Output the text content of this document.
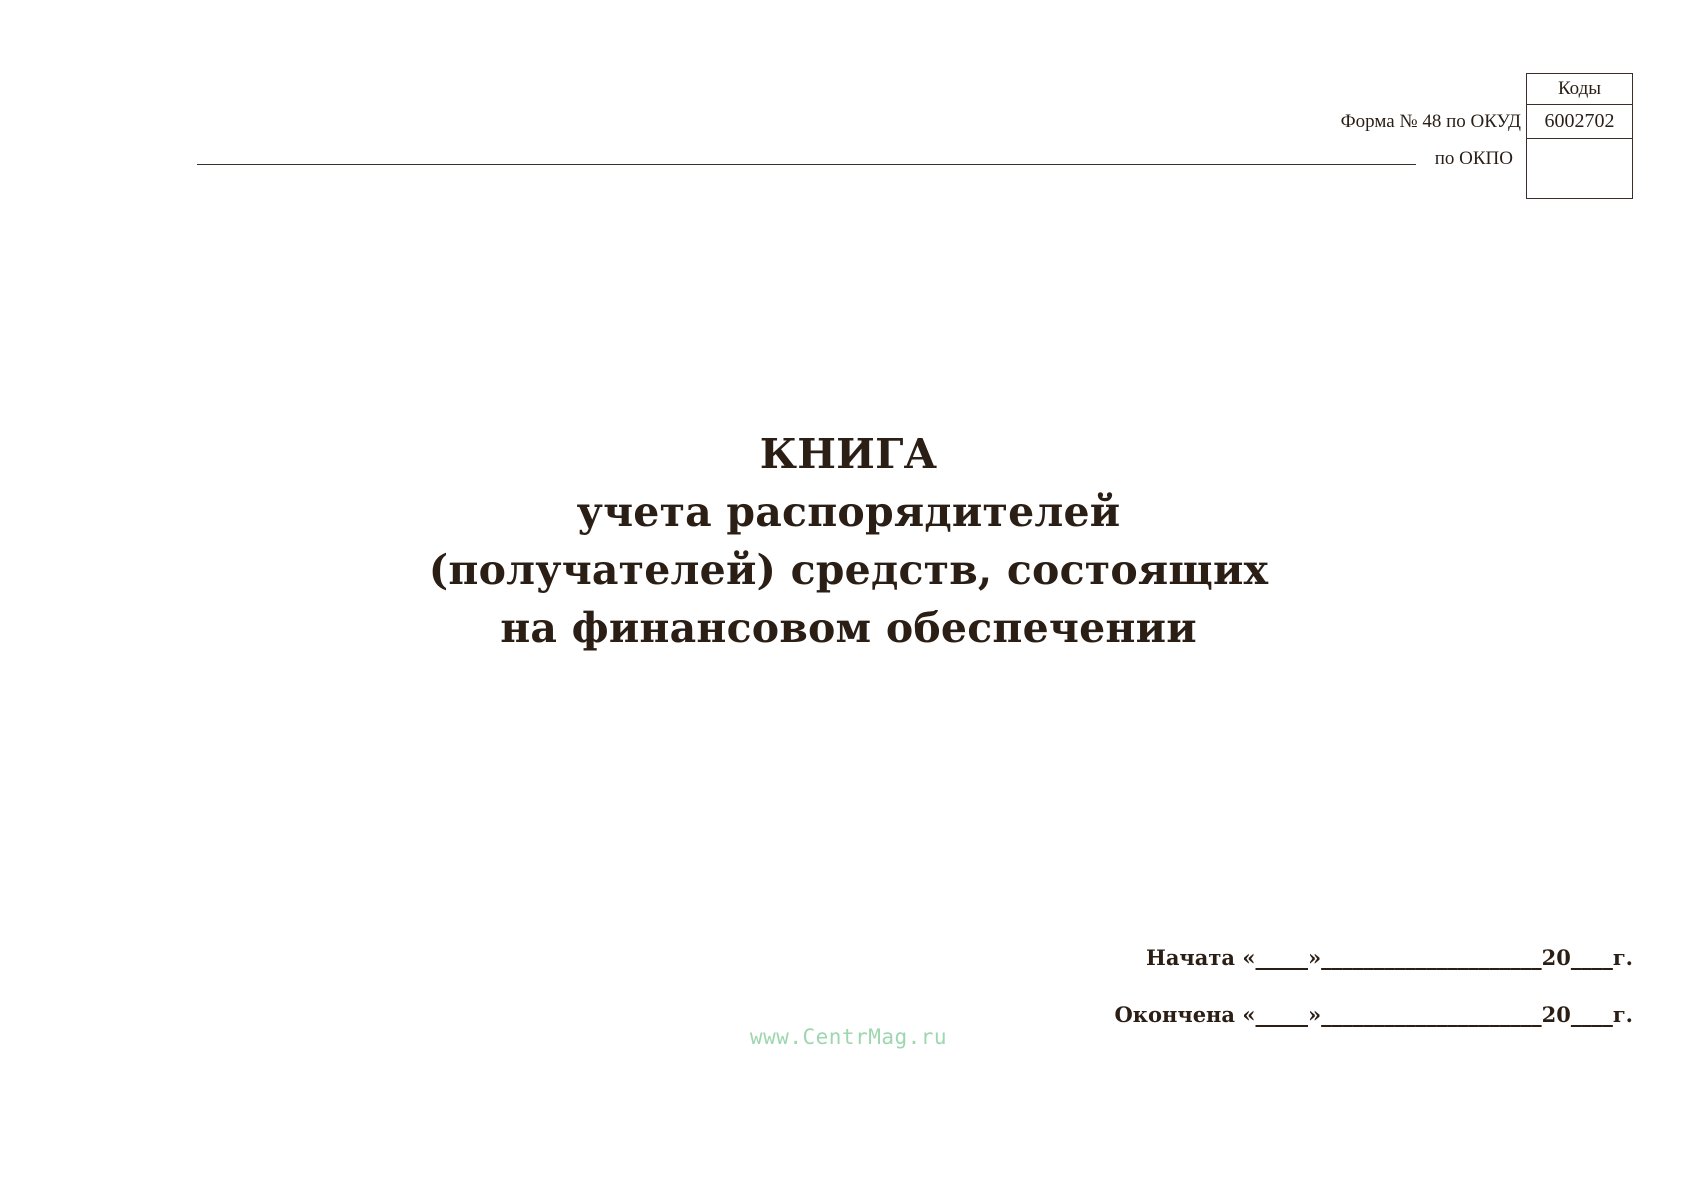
Коды
6002702
Форма № 48 по ОКУД
по ОКПО
КНИГА
учета распорядителей
(получателей) средств, состоящих
на финансовом обеспечении
Начата «_____»_____________________20____г.
Окончена «_____»_____________________20____г.
www.CentrMag.ru
